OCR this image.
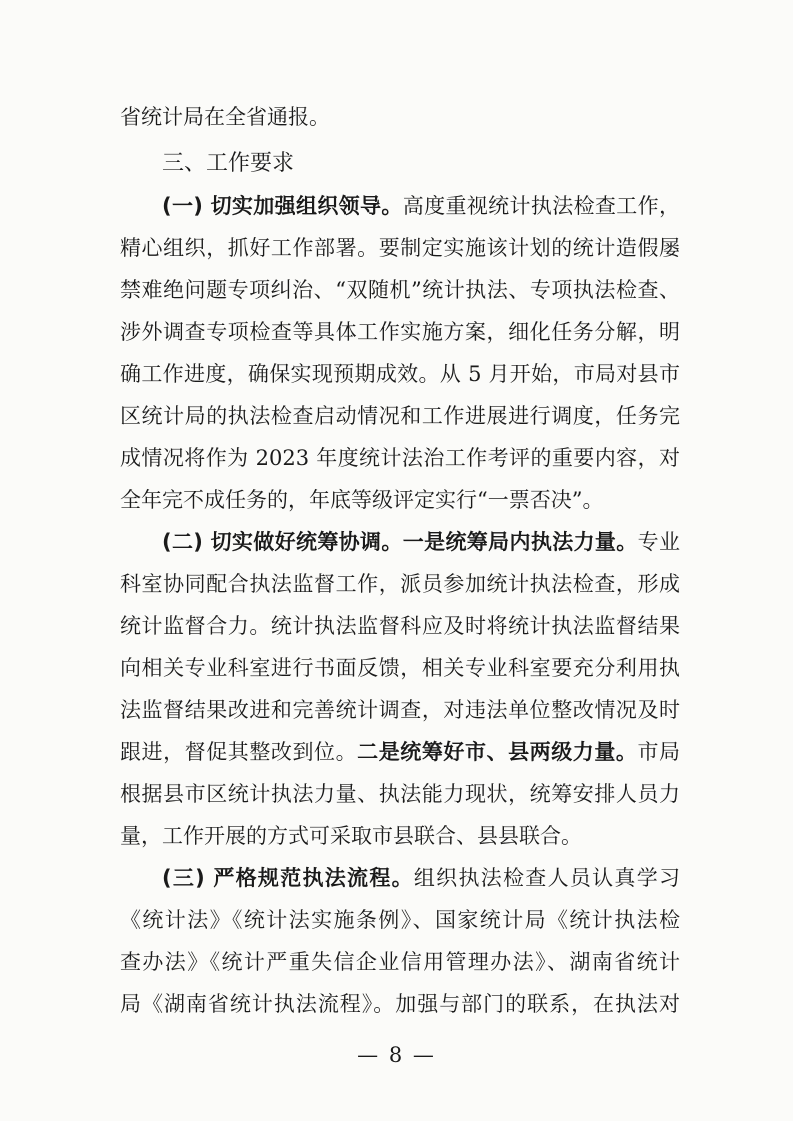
省统计局在全省通报。
三、工作要求
(一) 切实加强组织领导。高度重视统计执法检查工作，
精心组织，抓好工作部署。要制定实施该计划的统计造假屡
禁难绝问题专项纠治、“双随机”统计执法、专项执法检查、
涉外调查专项检查等具体工作实施方案，细化任务分解，明
确工作进度，确保实现预期成效。从 5 月开始，市局对县市
区统计局的执法检查启动情况和工作进展进行调度，任务完
成情况将作为 2023 年度统计法治工作考评的重要内容，对
全年完不成任务的，年底等级评定实行“一票否决”。
(二) 切实做好统筹协调。一是统筹局内执法力量。专业
科室协同配合执法监督工作，派员参加统计执法检查，形成
统计监督合力。统计执法监督科应及时将统计执法监督结果
向相关专业科室进行书面反馈，相关专业科室要充分利用执
法监督结果改进和完善统计调查，对违法单位整改情况及时
跟进，督促其整改到位。二是统筹好市、县两级力量。市局
根据县市区统计执法力量、执法能力现状，统筹安排人员力
量，工作开展的方式可采取市县联合、县县联合。
(三) 严格规范执法流程。组织执法检查人员认真学习
《统计法》《统计法实施条例》、国家统计局《统计执法检
查办法》《统计严重失信企业信用管理办法》、湖南省统计
局《湖南省统计执法流程》。加强与部门的联系，在执法对
— 8 —
